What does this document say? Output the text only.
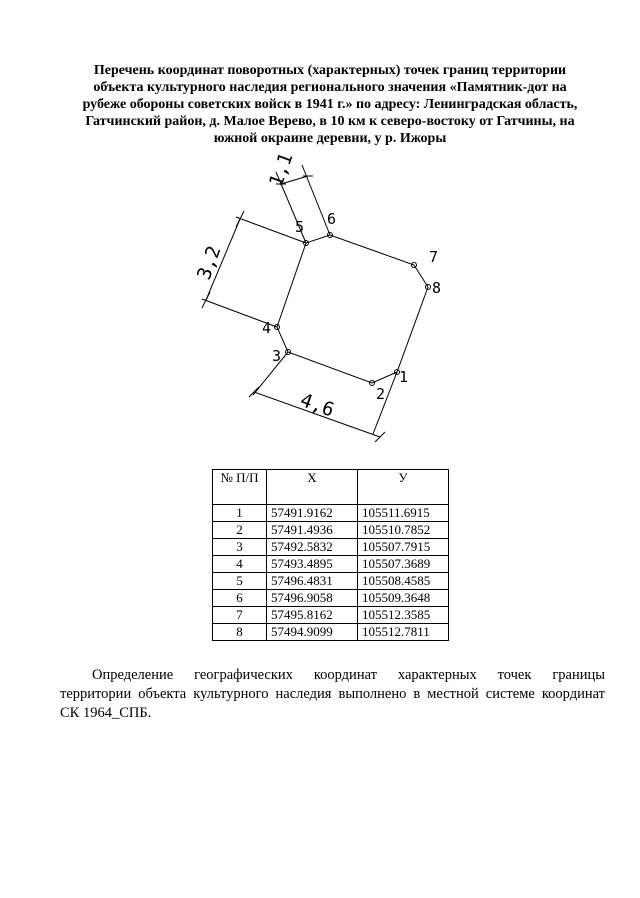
Перечень координат поворотных (характерных) точек границ территории
объекта культурного наследия регионального значения «Памятник-дот на
рубеже обороны советских войск в 1941 г.» по адресу: Ленинградская область,
Гатчинский район, д. Малое Верево, в 10 км к северо-востоку от Гатчины, на
южной окраине деревни, у р. Ижоры
1
2
3
4
5 6
7
8
1,1
3,2
4,6
№ П/П	Х	У
1	57491.9162	105511.6915
2	57491.4936	105510.7852
3	57492.5832	105507.7915
4	57493.4895	105507.3689
5	57496.4831	105508.4585
6	57496.9058	105509.3648
7	57495.8162	105512.3585
8	57494.9099	105512.7811
Определение географических координат характерных точек границы
территории объекта культурного наследия выполнено в местной системе координат
СК 1964_СПБ.
